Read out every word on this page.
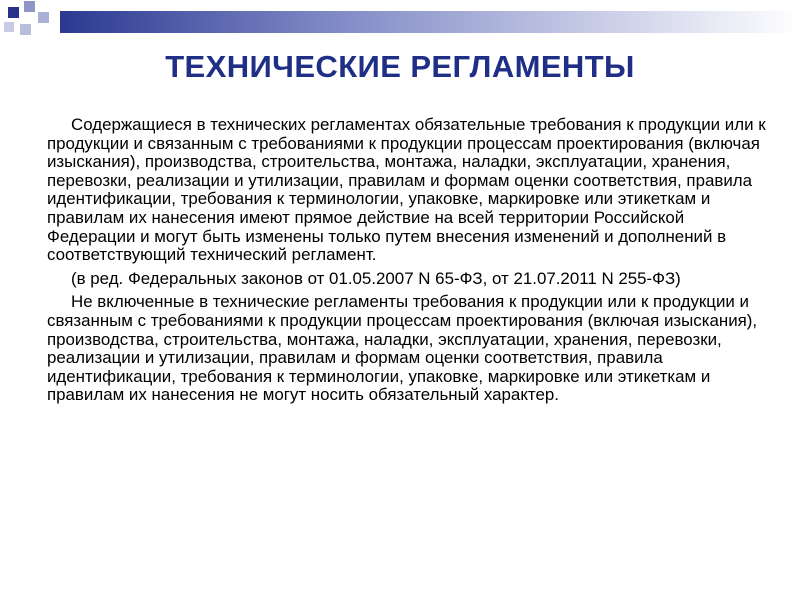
ТЕХНИЧЕСКИЕ РЕГЛАМЕНТЫ

Содержащиеся в технических регламентах обязательные требования к продукции или к продукции и связанным с требованиями к продукции процессам проектирования (включая изыскания), производства, строительства, монтажа, наладки, эксплуатации, хранения, перевозки, реализации и утилизации, правилам и формам оценки соответствия, правила идентификации, требования к терминологии, упаковке, маркировке или этикеткам и правилам их нанесения имеют прямое действие на всей территории Российской Федерации и могут быть изменены только путем внесения изменений и дополнений в соответствующий технический регламент.

(в ред. Федеральных законов от 01.05.2007 N 65-ФЗ, от 21.07.2011 N 255-ФЗ)

Не включенные в технические регламенты требования к продукции или к продукции и связанным с требованиями к продукции процессам проектирования (включая изыскания), производства, строительства, монтажа, наладки, эксплуатации, хранения, перевозки, реализации и утилизации, правилам и формам оценки соответствия, правила идентификации, требования к терминологии, упаковке, маркировке или этикеткам и правилам их нанесения не могут носить обязательный характер.
